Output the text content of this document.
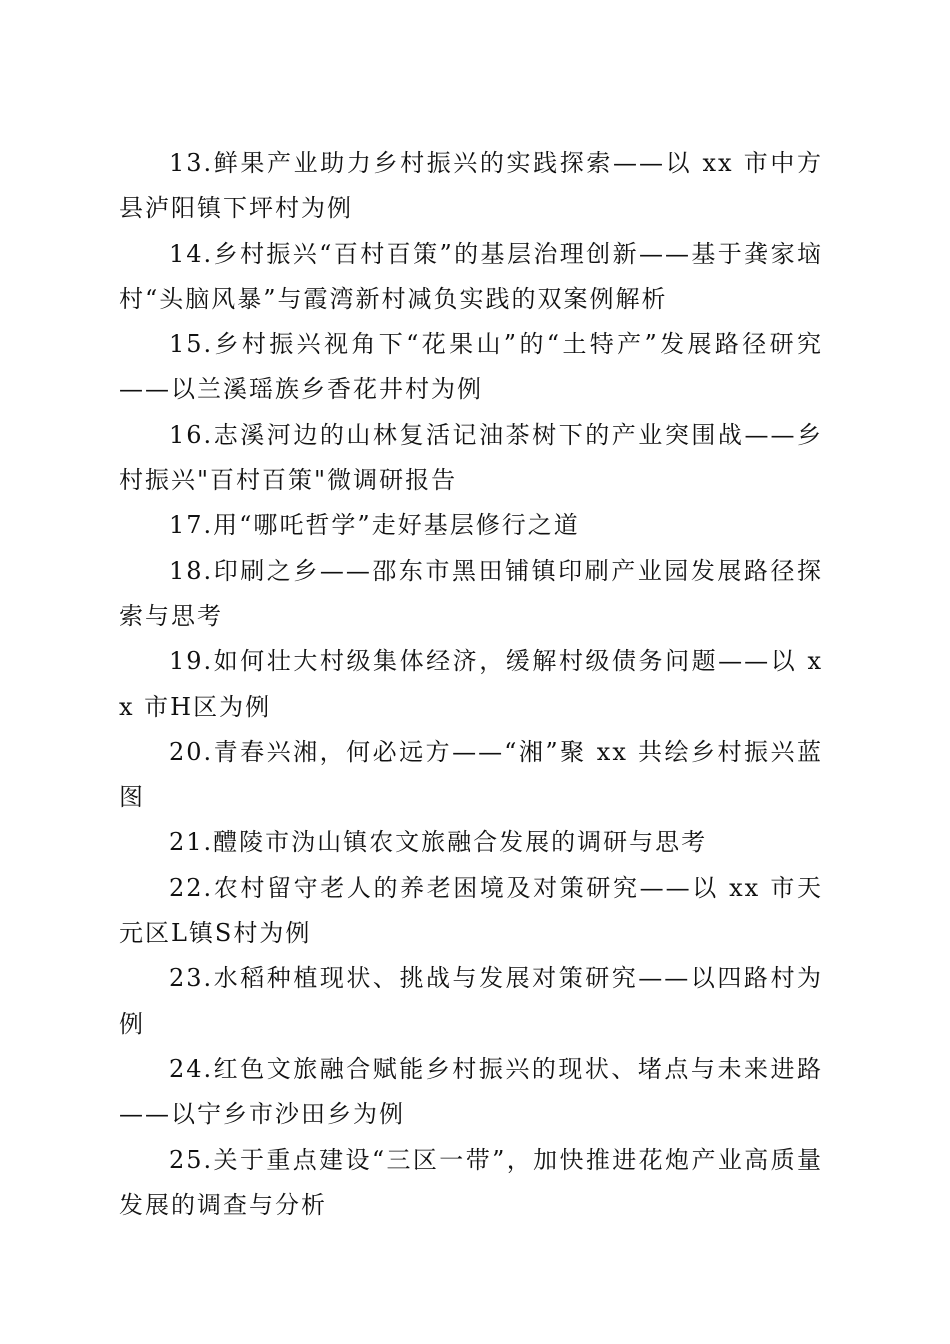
13.鲜果产业助力乡村振兴的实践探索——以 xx 市中方县泸阳镇下坪村为例

14.乡村振兴“百村百策”的基层治理创新——基于龚家垴村“头脑风暴”与霞湾新村减负实践的双案例解析

15.乡村振兴视角下“花果山”的“土特产”发展路径研究——以兰溪瑶族乡香花井村为例

16.志溪河边的山林复活记油茶树下的产业突围战——乡村振兴"百村百策"微调研报告

17.用“哪吒哲学”走好基层修行之道

18.印刷之乡——邵东市黑田铺镇印刷产业园发展路径探索与思考

19.如何壮大村级集体经济，缓解村级债务问题——以 xx 市H区为例

20.青春兴湘，何必远方——“湘”聚 xx 共绘乡村振兴蓝图

21.醴陵市沩山镇农文旅融合发展的调研与思考

22.农村留守老人的养老困境及对策研究——以 xx 市天元区L镇S村为例

23.水稻种植现状、挑战与发展对策研究——以四路村为例

24.红色文旅融合赋能乡村振兴的现状、堵点与未来进路——以宁乡市沙田乡为例

25.关于重点建设“三区一带”，加快推进花炮产业高质量发展的调查与分析
